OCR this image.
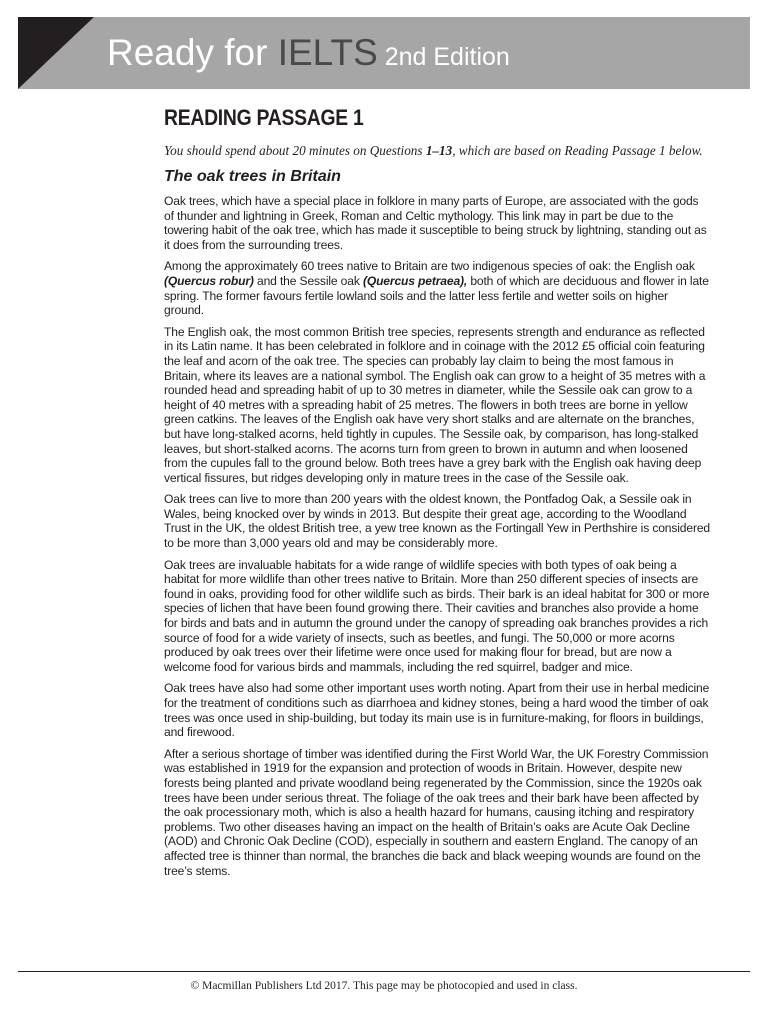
Ready for IELTS 2nd Edition
READING PASSAGE 1

You should spend about 20 minutes on Questions 1–13, which are based on Reading Passage 1 below.

The oak trees in Britain

Oak trees, which have a special place in folklore in many parts of Europe, are associated with the gods of thunder and lightning in Greek, Roman and Celtic mythology. This link may in part be due to the towering habit of the oak tree, which has made it susceptible to being struck by lightning, standing out as it does from the surrounding trees.

Among the approximately 60 trees native to Britain are two indigenous species of oak: the English oak (Quercus robur) and the Sessile oak (Quercus petraea), both of which are deciduous and flower in late spring. The former favours fertile lowland soils and the latter less fertile and wetter soils on higher ground.

The English oak, the most common British tree species, represents strength and endurance as reflected in its Latin name. It has been celebrated in folklore and in coinage with the 2012 £5 official coin featuring the leaf and acorn of the oak tree. The species can probably lay claim to being the most famous in Britain, where its leaves are a national symbol. The English oak can grow to a height of 35 metres with a rounded head and spreading habit of up to 30 metres in diameter, while the Sessile oak can grow to a height of 40 metres with a spreading habit of 25 metres. The flowers in both trees are borne in yellow green catkins. The leaves of the English oak have very short stalks and are alternate on the branches, but have long-stalked acorns, held tightly in cupules. The Sessile oak, by comparison, has long-stalked leaves, but short-stalked acorns. The acorns turn from green to brown in autumn and when loosened from the cupules fall to the ground below. Both trees have a grey bark with the English oak having deep vertical fissures, but ridges developing only in mature trees in the case of the Sessile oak.

Oak trees can live to more than 200 years with the oldest known, the Pontfadog Oak, a Sessile oak in Wales, being knocked over by winds in 2013. But despite their great age, according to the Woodland Trust in the UK, the oldest British tree, a yew tree known as the Fortingall Yew in Perthshire is considered to be more than 3,000 years old and may be considerably more.

Oak trees are invaluable habitats for a wide range of wildlife species with both types of oak being a habitat for more wildlife than other trees native to Britain. More than 250 different species of insects are found in oaks, providing food for other wildlife such as birds. Their bark is an ideal habitat for 300 or more species of lichen that have been found growing there. Their cavities and branches also provide a home for birds and bats and in autumn the ground under the canopy of spreading oak branches provides a rich source of food for a wide variety of insects, such as beetles, and fungi. The 50,000 or more acorns produced by oak trees over their lifetime were once used for making flour for bread, but are now a welcome food for various birds and mammals, including the red squirrel, badger and mice.

Oak trees have also had some other important uses worth noting. Apart from their use in herbal medicine for the treatment of conditions such as diarrhoea and kidney stones, being a hard wood the timber of oak trees was once used in ship-building, but today its main use is in furniture-making, for floors in buildings, and firewood.

After a serious shortage of timber was identified during the First World War, the UK Forestry Commission was established in 1919 for the expansion and protection of woods in Britain. However, despite new forests being planted and private woodland being regenerated by the Commission, since the 1920s oak trees have been under serious threat. The foliage of the oak trees and their bark have been affected by the oak processionary moth, which is also a health hazard for humans, causing itching and respiratory problems. Two other diseases having an impact on the health of Britain’s oaks are Acute Oak Decline (AOD) and Chronic Oak Decline (COD), especially in southern and eastern England. The canopy of an affected tree is thinner than normal, the branches die back and black weeping wounds are found on the tree’s stems.

© Macmillan Publishers Ltd 2017. This page may be photocopied and used in class.
